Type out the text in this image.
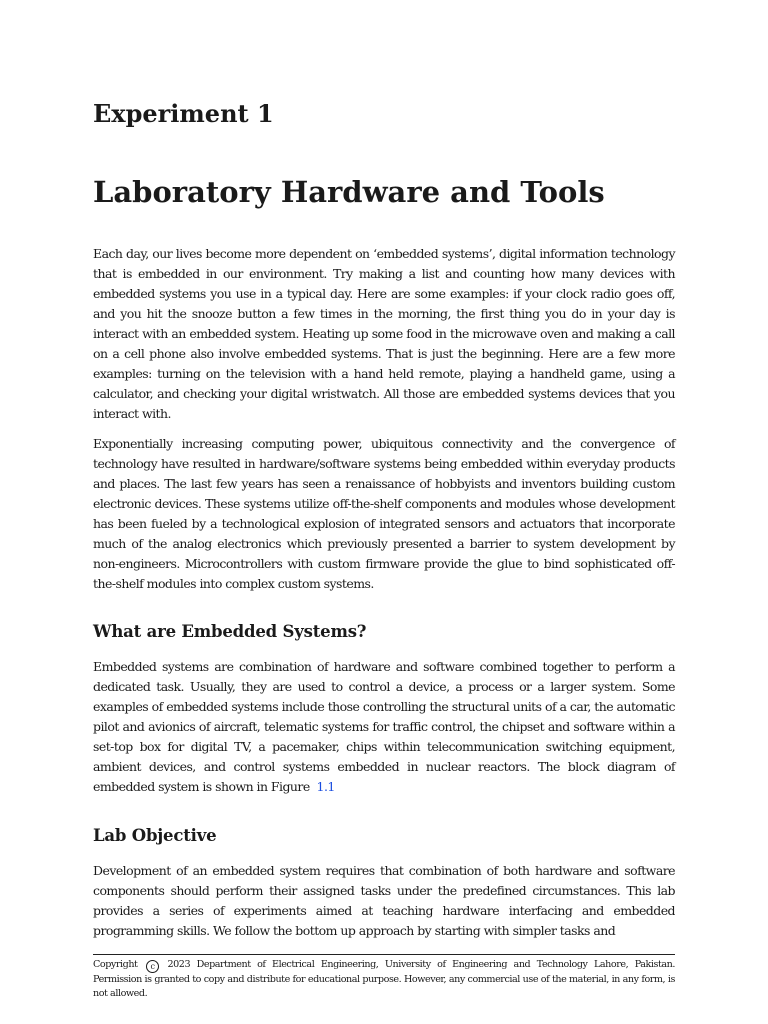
Experiment 1
Laboratory Hardware and Tools

Each day, our lives become more dependent on ‘embedded systems’, digital information technology that is embedded in our environment. Try making a list and counting how many devices with embedded systems you use in a typical day. Here are some examples: if your clock radio goes off, and you hit the snooze button a few times in the morning, the first thing you do in your day is interact with an embedded system. Heating up some food in the microwave oven and making a call on a cell phone also involve embedded systems. That is just the beginning. Here are a few more examples: turning on the television with a hand held remote, playing a handheld game, using a calculator, and checking your digital wristwatch. All those are embedded systems devices that you interact with.

Exponentially increasing computing power, ubiquitous connectivity and the convergence of technology have resulted in hardware/software systems being embedded within everyday products and places. The last few years has seen a renaissance of hobbyists and inventors building custom electronic devices. These systems utilize off-the-shelf components and modules whose development has been fueled by a technological explosion of integrated sensors and actuators that incorporate much of the analog electronics which previously presented a barrier to system development by non-engineers. Microcontrollers with custom firmware provide the glue to bind sophisticated off-the-shelf modules into complex custom systems.

What are Embedded Systems?

Embedded systems are combination of hardware and software combined together to perform a dedicated task. Usually, they are used to control a device, a process or a larger system. Some examples of embedded systems include those controlling the structural units of a car, the automatic pilot and avionics of aircraft, telematic systems for traffic control, the chipset and software within a set-top box for digital TV, a pacemaker, chips within telecommunication switching equipment, ambient devices, and control systems embedded in nuclear reactors. The block diagram of embedded system is shown in Figure 1.1

Lab Objective

Development of an embedded system requires that combination of both hardware and software components should perform their assigned tasks under the predefined circumstances. This lab provides a series of experiments aimed at teaching hardware interfacing and embedded programming skills. We follow the bottom up approach by starting with simpler tasks and

Copyright c 2023 Department of Electrical Engineering, University of Engineering and Technology Lahore, Pakistan. Permission is granted to copy and distribute for educational purpose. However, any commercial use of the material, in any form, is not allowed.
